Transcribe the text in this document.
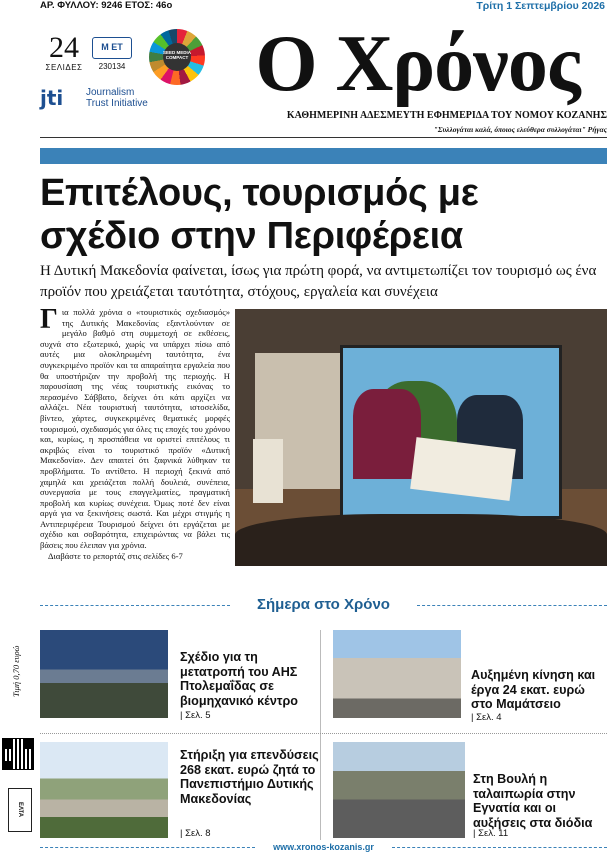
ΑΡ. ΦΥΛΛΟΥ: 9246 ΕΤΟΣ: 46ο	Τρίτη 1 Σεπτεμβρίου 2026
24
ΣΕΛΙΔΕΣ
Μ ΕΤ
230134
SEED MEDIA COMPACT
jti Journalism
Trust Initiative	Ο Χρόνος
ΚΑΘΗΜΕΡΙΝΗ ΑΔΕΣΜΕΥΤΗ ΕΦΗΜΕΡΙΔΑ ΤΟΥ ΝΟΜΟΥ ΚΟΖΑΝΗΣ
"Συλλογάται καλά, όποιος ελεύθερα συλλογάται" Ρήγας
Επιτέλους, τουρισμός με σχέδιο στην Περιφέρεια

Η Δυτική Μακεδονία φαίνεται, ίσως για πρώτη φορά, να αντιμετωπίζει τον τουρισμό ως ένα προϊόν που χρειάζεται ταυτότητα, στόχους, εργαλεία και συνέχεια

Γ ια πολλά χρόνια ο «τουριστικός σχεδιασμός» της Δυτικής Μακεδονίας εξαντλούνταν σε μεγάλο βαθμό στη συμμετοχή σε εκθέσεις, συχνά στο εξωτερικό, χωρίς να υπάρχει πίσω από αυτές μια ολοκληρωμένη ταυτότητα, ένα συγκεκριμένο προϊόν και τα απαραίτητα εργαλεία που θα υποστήριζαν την προβολή της περιοχής. Η παρουσίαση της νέας τουριστικής εικόνας το περασμένο Σάββατο, δείχνει ότι κάτι αρχίζει να αλλάζει. Νέα τουριστική ταυτότητα, ιστοσελίδα, βίντεο, χάρτες, συγκεκριμένες θεματικές μορφές τουρισμού, σχεδιασμός για όλες τις εποχές του χρόνου και, κυρίως, η προσπάθεια να οριστεί επιτέλους τι ακριβώς είναι το τουριστικό προϊόν «Δυτική Μακεδονία». Δεν απαιτεί ότι ξαφνικά λύθηκαν τα προβλήματα. Το αντίθετο. Η περιοχή ξεκινά από χαμηλά και χρειάζεται πολλή δουλειά, συνέπεια, συνεργασία με τους επαγγελματίες, πραγματική προβολή και κυρίως συνέχεια. Όμως ποτέ δεν είναι αργά για να ξεκινήσεις σωστά. Και μέχρι στιγμής η Αντιπεριφέρεια Τουρισμού δείχνει ότι εργάζεται με σχέδιο και σοβαρότητα, επιχειρώντας να βάλει τις βάσεις που έλειπαν για χρόνια.
Διαβάστε το ρεπορτάζ στις σελίδες 6-7
Σήμερα στο Χρόνο
Τιμή 0,70 ευρώ
ΕΛΤΑ
Σχέδιο για τη μετατροπή του ΑΗΣ Πτολεμαΐδας σε βιομηχανικό κέντρο
| Σελ. 5
Αυξημένη κίνηση και έργα 24 εκατ. ευρώ στο Μαμάτσειο
| Σελ. 4
Στήριξη για επενδύσεις 268 εκατ. ευρώ ζητά το Πανεπιστήμιο Δυτικής Μακεδονίας
| Σελ. 8
Στη Βουλή η ταλαιπωρία στην Εγνατία και οι αυξήσεις στα διόδια
| Σελ. 11
www.xronos-kozanis.gr
